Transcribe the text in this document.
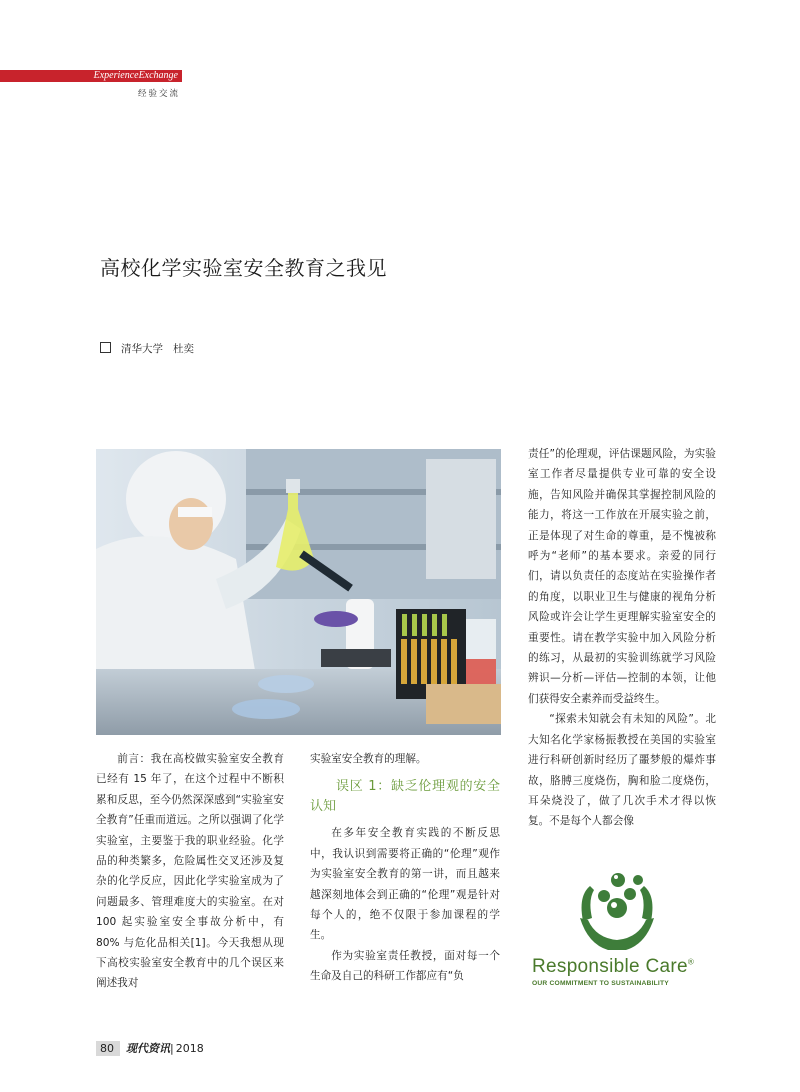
ExperienceExchange
经验交流
高校化学实验室安全教育之我见
清华大学 杜奕

前言：我在高校做实验室安全教育已经有 15 年了，在这个过程中不断积累和反思，至今仍然深深感到“实验室安全教育”任重而道远。之所以强调了化学实验室，主要鉴于我的职业经验。化学品的种类繁多，危险属性交叉还涉及复杂的化学反应，因此化学实验室成为了问题最多、管理难度大的实验室。在对 100 起实验室安全事故分析中，有 80% 与危化品相关[1]。今天我想从现下高校实验室安全教育中的几个误区来阐述我对

实验室安全教育的理解。

误区 1：缺乏伦理观的安全认知

在多年安全教育实践的不断反思中，我认识到需要将正确的“伦理”观作为实验室安全教育的第一讲，而且越来越深刻地体会到正确的“伦理”观是针对每个人的，绝不仅限于参加课程的学生。

作为实验室责任教授，面对每一个生命及自己的科研工作都应有“负

责任”的伦理观，评估课题风险，为实验室工作者尽量提供专业可靠的安全设施，告知风险并确保其掌握控制风险的能力，将这一工作放在开展实验之前，正是体现了对生命的尊重，是不愧被称呼为“老师”的基本要求。亲爱的同行们，请以负责任的态度站在实验操作者的角度，以职业卫生与健康的视角分析风险或许会让学生更理解实验室安全的重要性。请在教学实验中加入风险分析的练习，从最初的实验训练就学习风险辨识—分析—评估—控制的本领，让他们获得安全素养而受益终生。

“探索未知就会有未知的风险”。北大知名化学家杨振教授在美国的实验室进行科研创新时经历了噩梦般的爆炸事故，胳膊三度烧伤，胸和脸二度烧伤，耳朵烧没了，做了几次手术才得以恢复。不是每个人都会像

Responsible Care®
OUR COMMITMENT TO SUSTAINABILITY
80 现代资讯| 2018
